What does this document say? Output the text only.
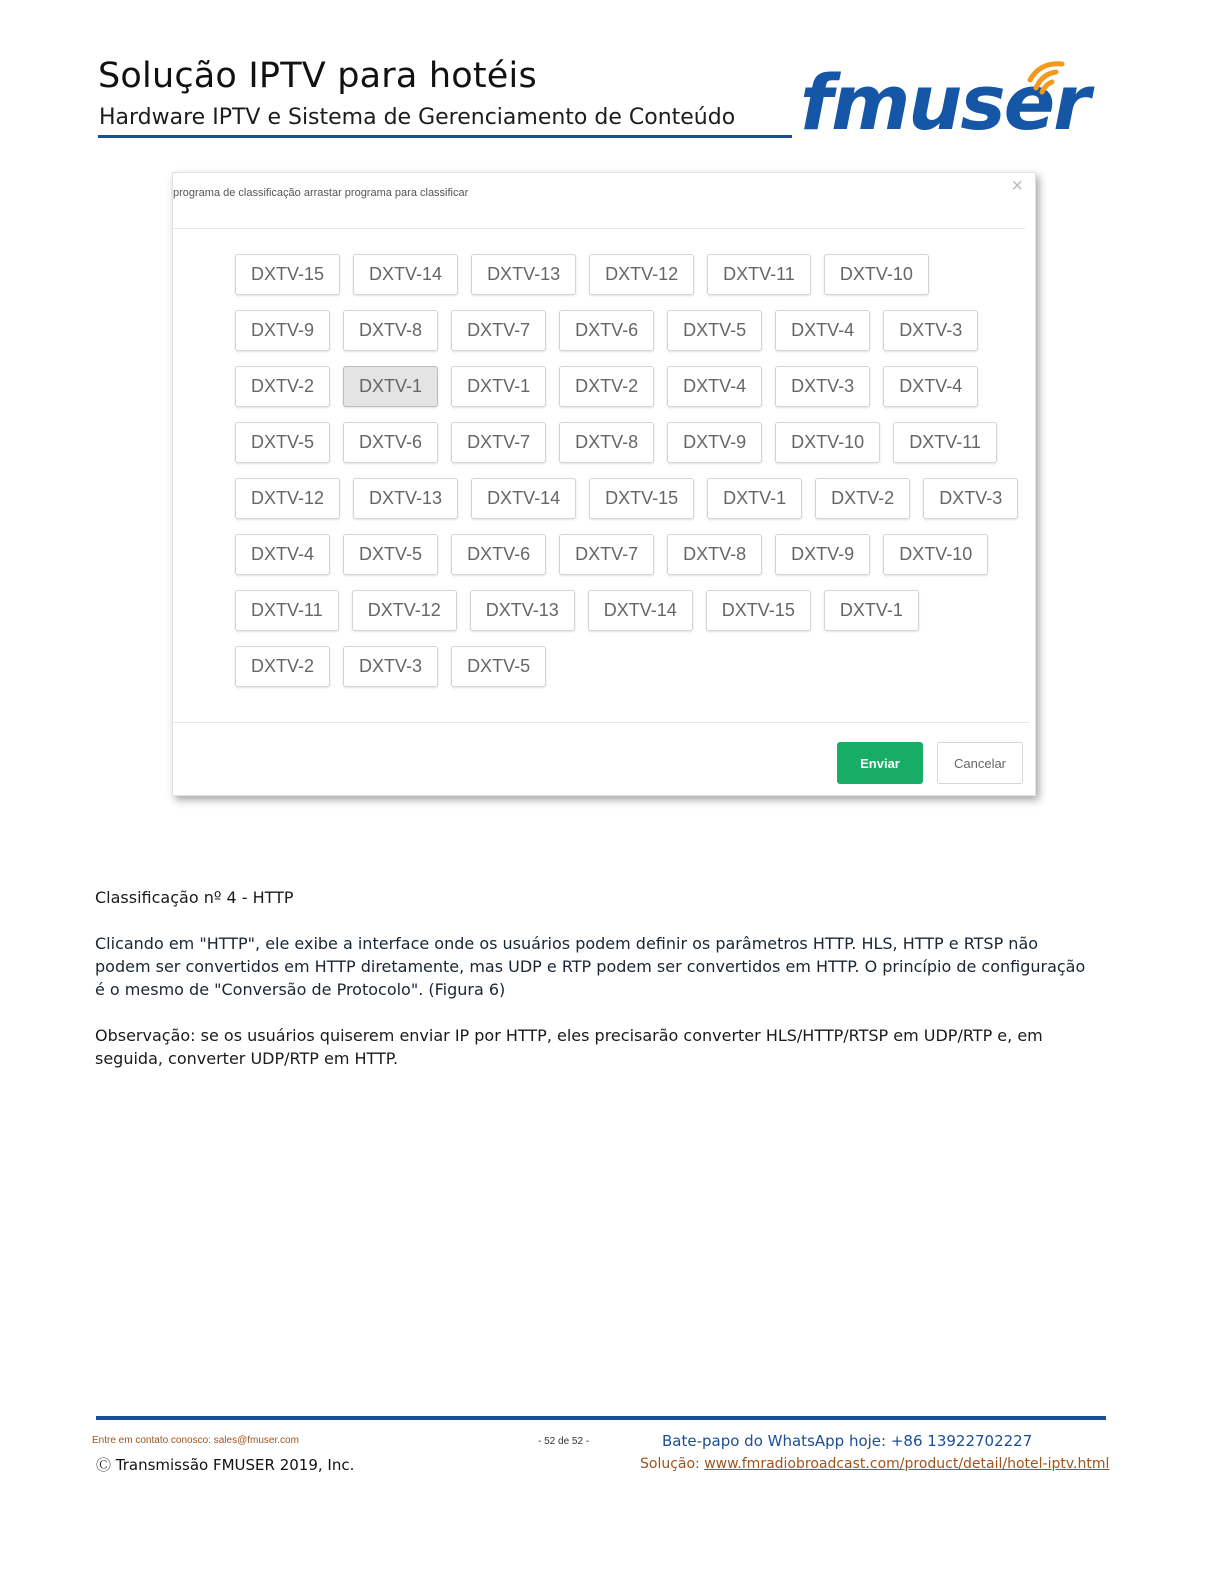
Solução IPTV para hotéis
Hardware IPTV e Sistema de Gerenciamento de Conteúdo fmuser
programa de classificação arrastar programa para classificar	×
DXTV-15	DXTV-14	DXTV-13	DXTV-12	DXTV-11	DXTV-10
DXTV-9	DXTV-8	DXTV-7	DXTV-6	DXTV-5	DXTV-4	DXTV-3
DXTV-2	DXTV-1	DXTV-1	DXTV-2	DXTV-4	DXTV-3	DXTV-4
DXTV-5	DXTV-6	DXTV-7	DXTV-8	DXTV-9	DXTV-10	DXTV-11
DXTV-12	DXTV-13	DXTV-14	DXTV-15	DXTV-1	DXTV-2	DXTV-3
DXTV-4	DXTV-5	DXTV-6	DXTV-7	DXTV-8	DXTV-9	DXTV-10
DXTV-11	DXTV-12	DXTV-13	DXTV-14	DXTV-15	DXTV-1
DXTV-2	DXTV-3	DXTV-5
Enviar	Cancelar
Classificação nº 4 - HTTP
Clicando em "HTTP", ele exibe a interface onde os usuários podem definir os parâmetros HTTP. HLS, HTTP e RTSP não podem ser convertidos em HTTP diretamente, mas UDP e RTP podem ser convertidos em HTTP. O princípio de configuração é o mesmo de "Conversão de Protocolo". (Figura 6)
Observação: se os usuários quiserem enviar IP por HTTP, eles precisarão converter HLS/HTTP/RTSP em UDP/RTP e, em seguida, converter UDP/RTP em HTTP.
Entre em contato conosco: sales@fmuser.com	- 52 de 52 -
Ⓒ Transmissão FMUSER 2019, Inc.
Bate-papo do WhatsApp hoje: +86 13922702227
Solução: www.fmradiobroadcast.com/product/detail/hotel-iptv.html
